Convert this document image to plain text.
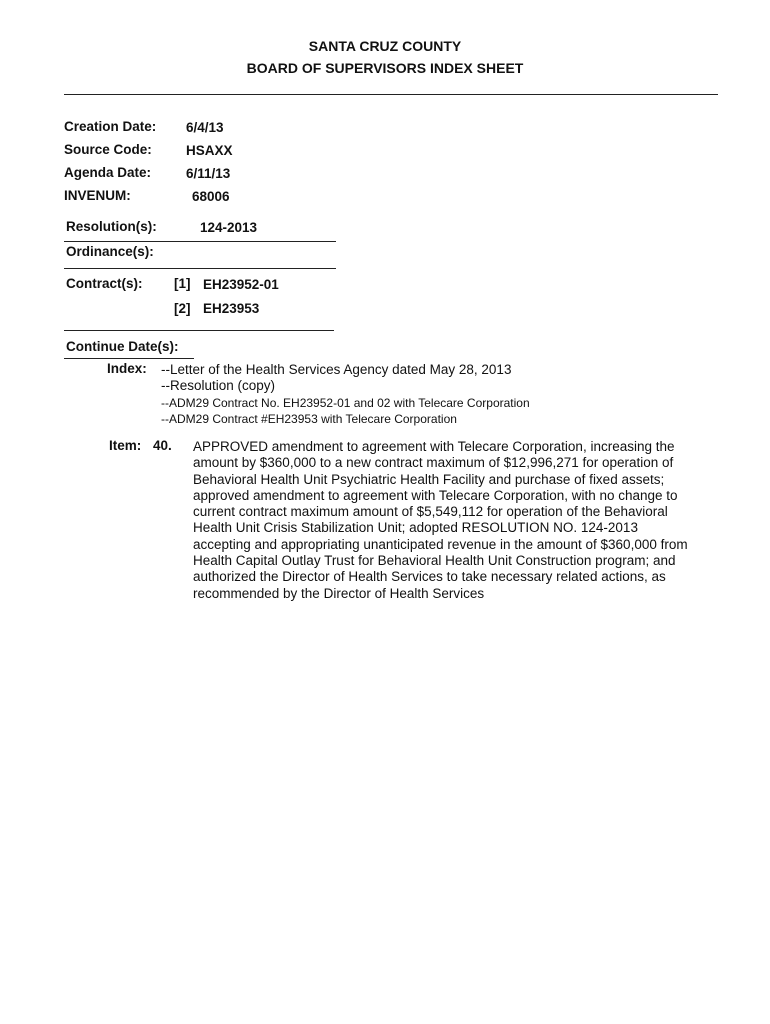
SANTA CRUZ COUNTY
BOARD OF SUPERVISORS INDEX SHEET
Creation Date: 6/4/13
Source Code:	HSAXX
Agenda Date:	6/11/13
INVENUM:	68006
Resolution(s):	124-2013
Ordinance(s):
Contract(s): [1] EH23952-01
[2] EH23953
Continue Date(s):
Index: --Letter of the Health Services Agency dated May 28, 2013
--Resolution (copy)
--ADM29 Contract No. EH23952-01 and 02 with Telecare Corporation
--ADM29 Contract #EH23953 with Telecare Corporation
Item: 40. APPROVED amendment to agreement with Telecare Corporation, increasing the
amount by $360,000 to a new contract maximum of $12,996,271 for operation of
Behavioral Health Unit Psychiatric Health Facility and purchase of fixed assets;
approved amendment to agreement with Telecare Corporation, with no change to
current contract maximum amount of $5,549,112 for operation of the Behavioral
Health Unit Crisis Stabilization Unit; adopted RESOLUTION NO. 124-2013
accepting and appropriating unanticipated revenue in the amount of $360,000 from
Health Capital Outlay Trust for Behavioral Health Unit Construction program; and
authorized the Director of Health Services to take necessary related actions, as
recommended by the Director of Health Services
